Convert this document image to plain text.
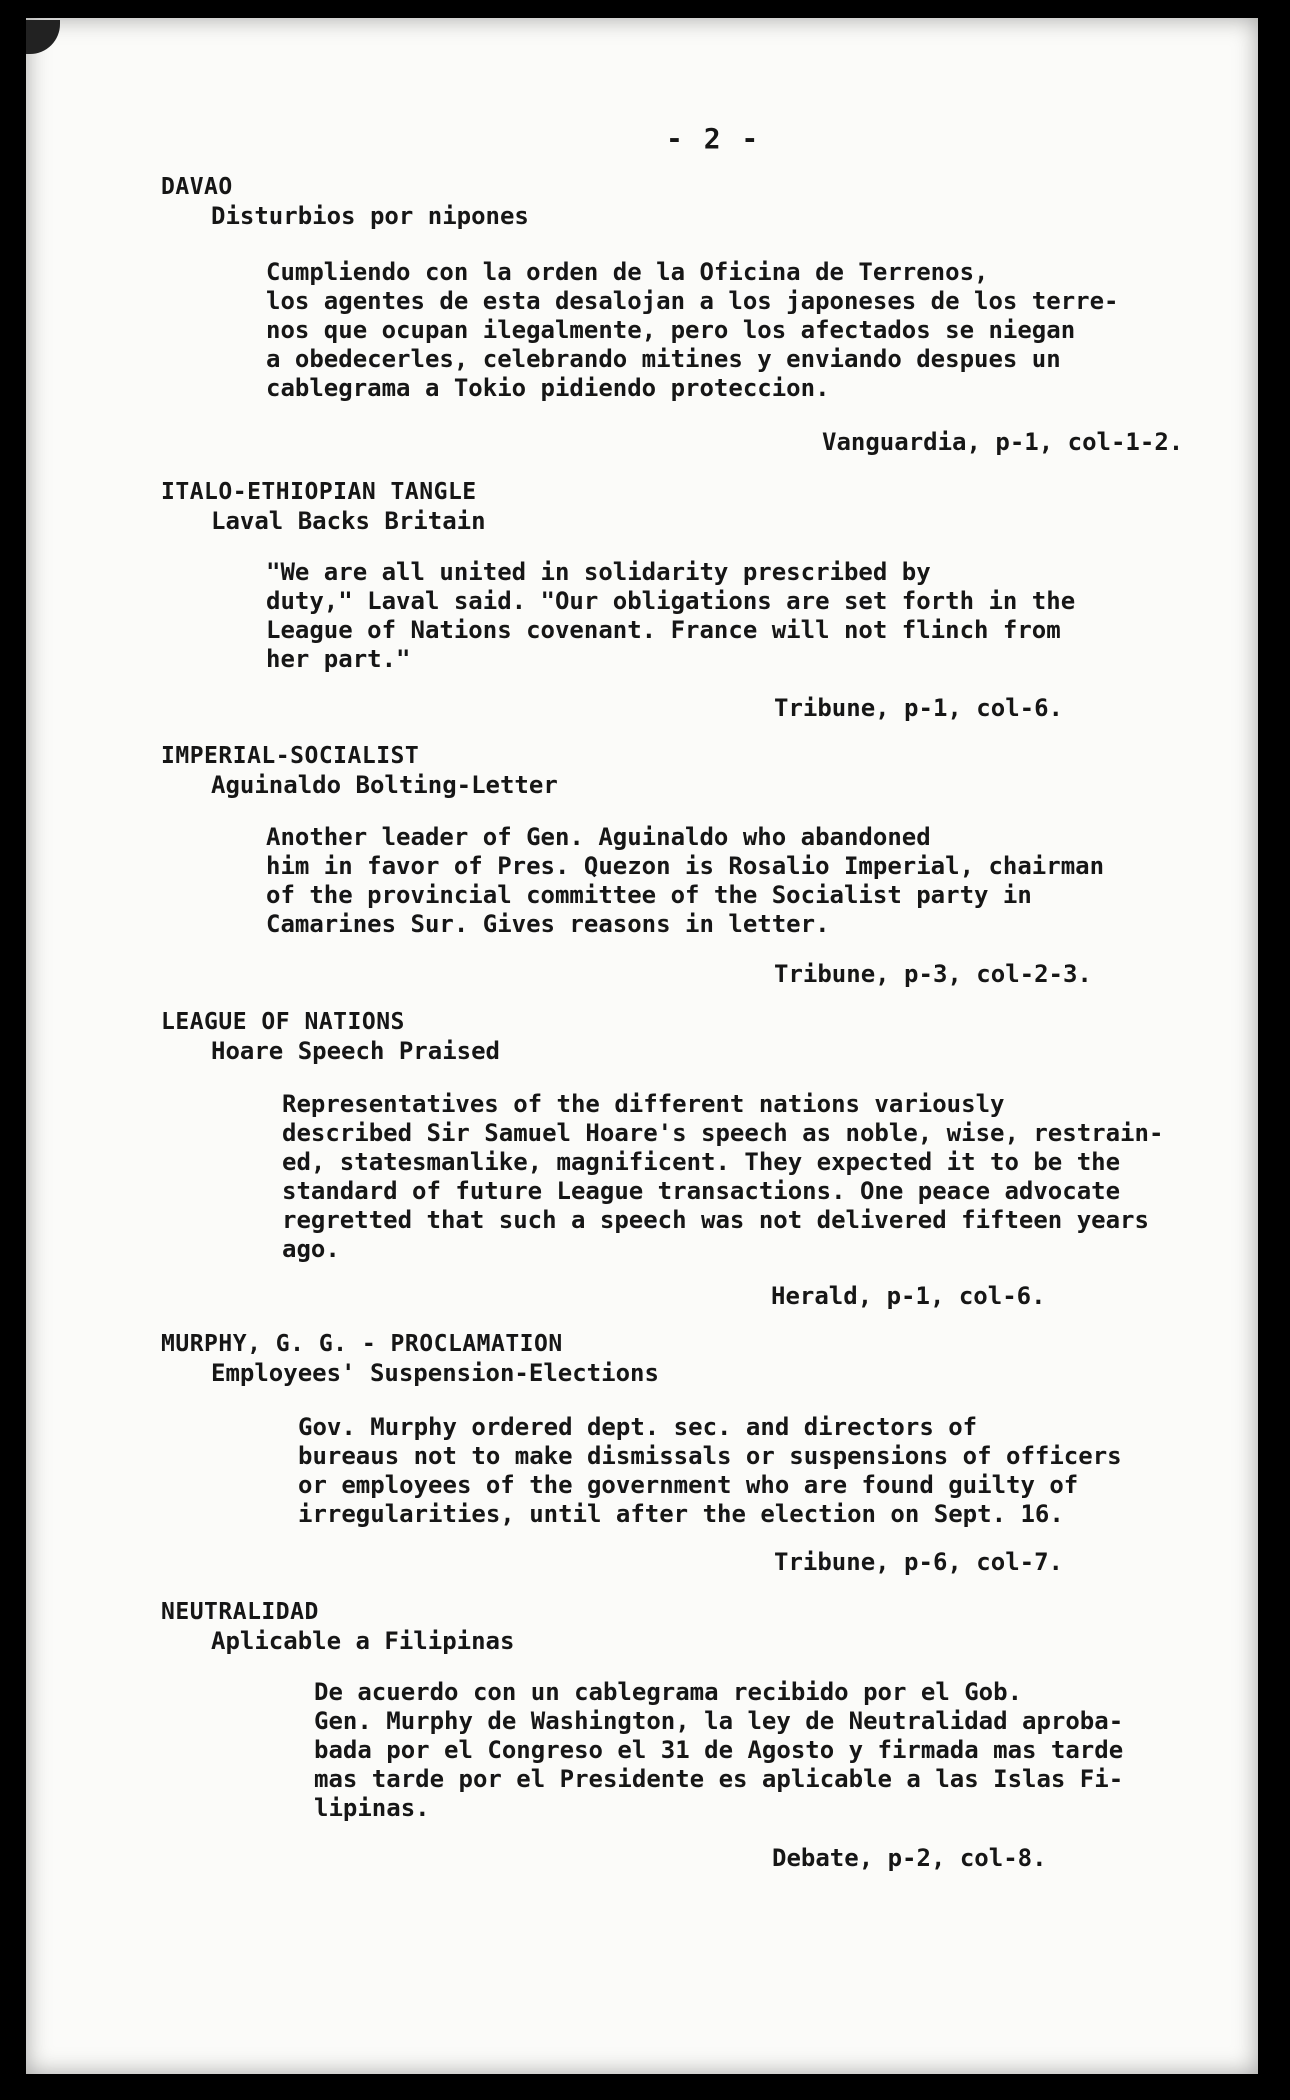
- 2 -
DAVAO
Disturbios por nipones
Cumpliendo con la orden de la Oficina de Terrenos,
los agentes de esta desalojan a los japoneses de los terre-
nos que ocupan ilegalmente, pero los afectados se niegan
a obedecerles, celebrando mitines y enviando despues un
cablegrama a Tokio pidiendo proteccion.
Vanguardia, p-1, col-1-2.
ITALO-ETHIOPIAN TANGLE
Laval Backs Britain
"We are all united in solidarity prescribed by
duty," Laval said. "Our obligations are set forth in the
League of Nations covenant. France will not flinch from
her part."
Tribune, p-1, col-6.
IMPERIAL-SOCIALIST
Aguinaldo Bolting-Letter
Another leader of Gen. Aguinaldo who abandoned
him in favor of Pres. Quezon is Rosalio Imperial, chairman
of the provincial committee of the Socialist party in
Camarines Sur. Gives reasons in letter.
Tribune, p-3, col-2-3.
LEAGUE OF NATIONS
Hoare Speech Praised
Representatives of the different nations variously
described Sir Samuel Hoare's speech as noble, wise, restrain-
ed, statesmanlike, magnificent. They expected it to be the
standard of future League transactions. One peace advocate
regretted that such a speech was not delivered fifteen years
ago.
Herald, p-1, col-6.
MURPHY, G. G. - PROCLAMATION
Employees' Suspension-Elections
Gov. Murphy ordered dept. sec. and directors of
bureaus not to make dismissals or suspensions of officers
or employees of the government who are found guilty of
irregularities, until after the election on Sept. 16.
Tribune, p-6, col-7.
NEUTRALIDAD
Aplicable a Filipinas
De acuerdo con un cablegrama recibido por el Gob.
Gen. Murphy de Washington, la ley de Neutralidad aproba-
bada por el Congreso el 31 de Agosto y firmada mas tarde
mas tarde por el Presidente es aplicable a las Islas Fi-
lipinas.
Debate, p-2, col-8.
